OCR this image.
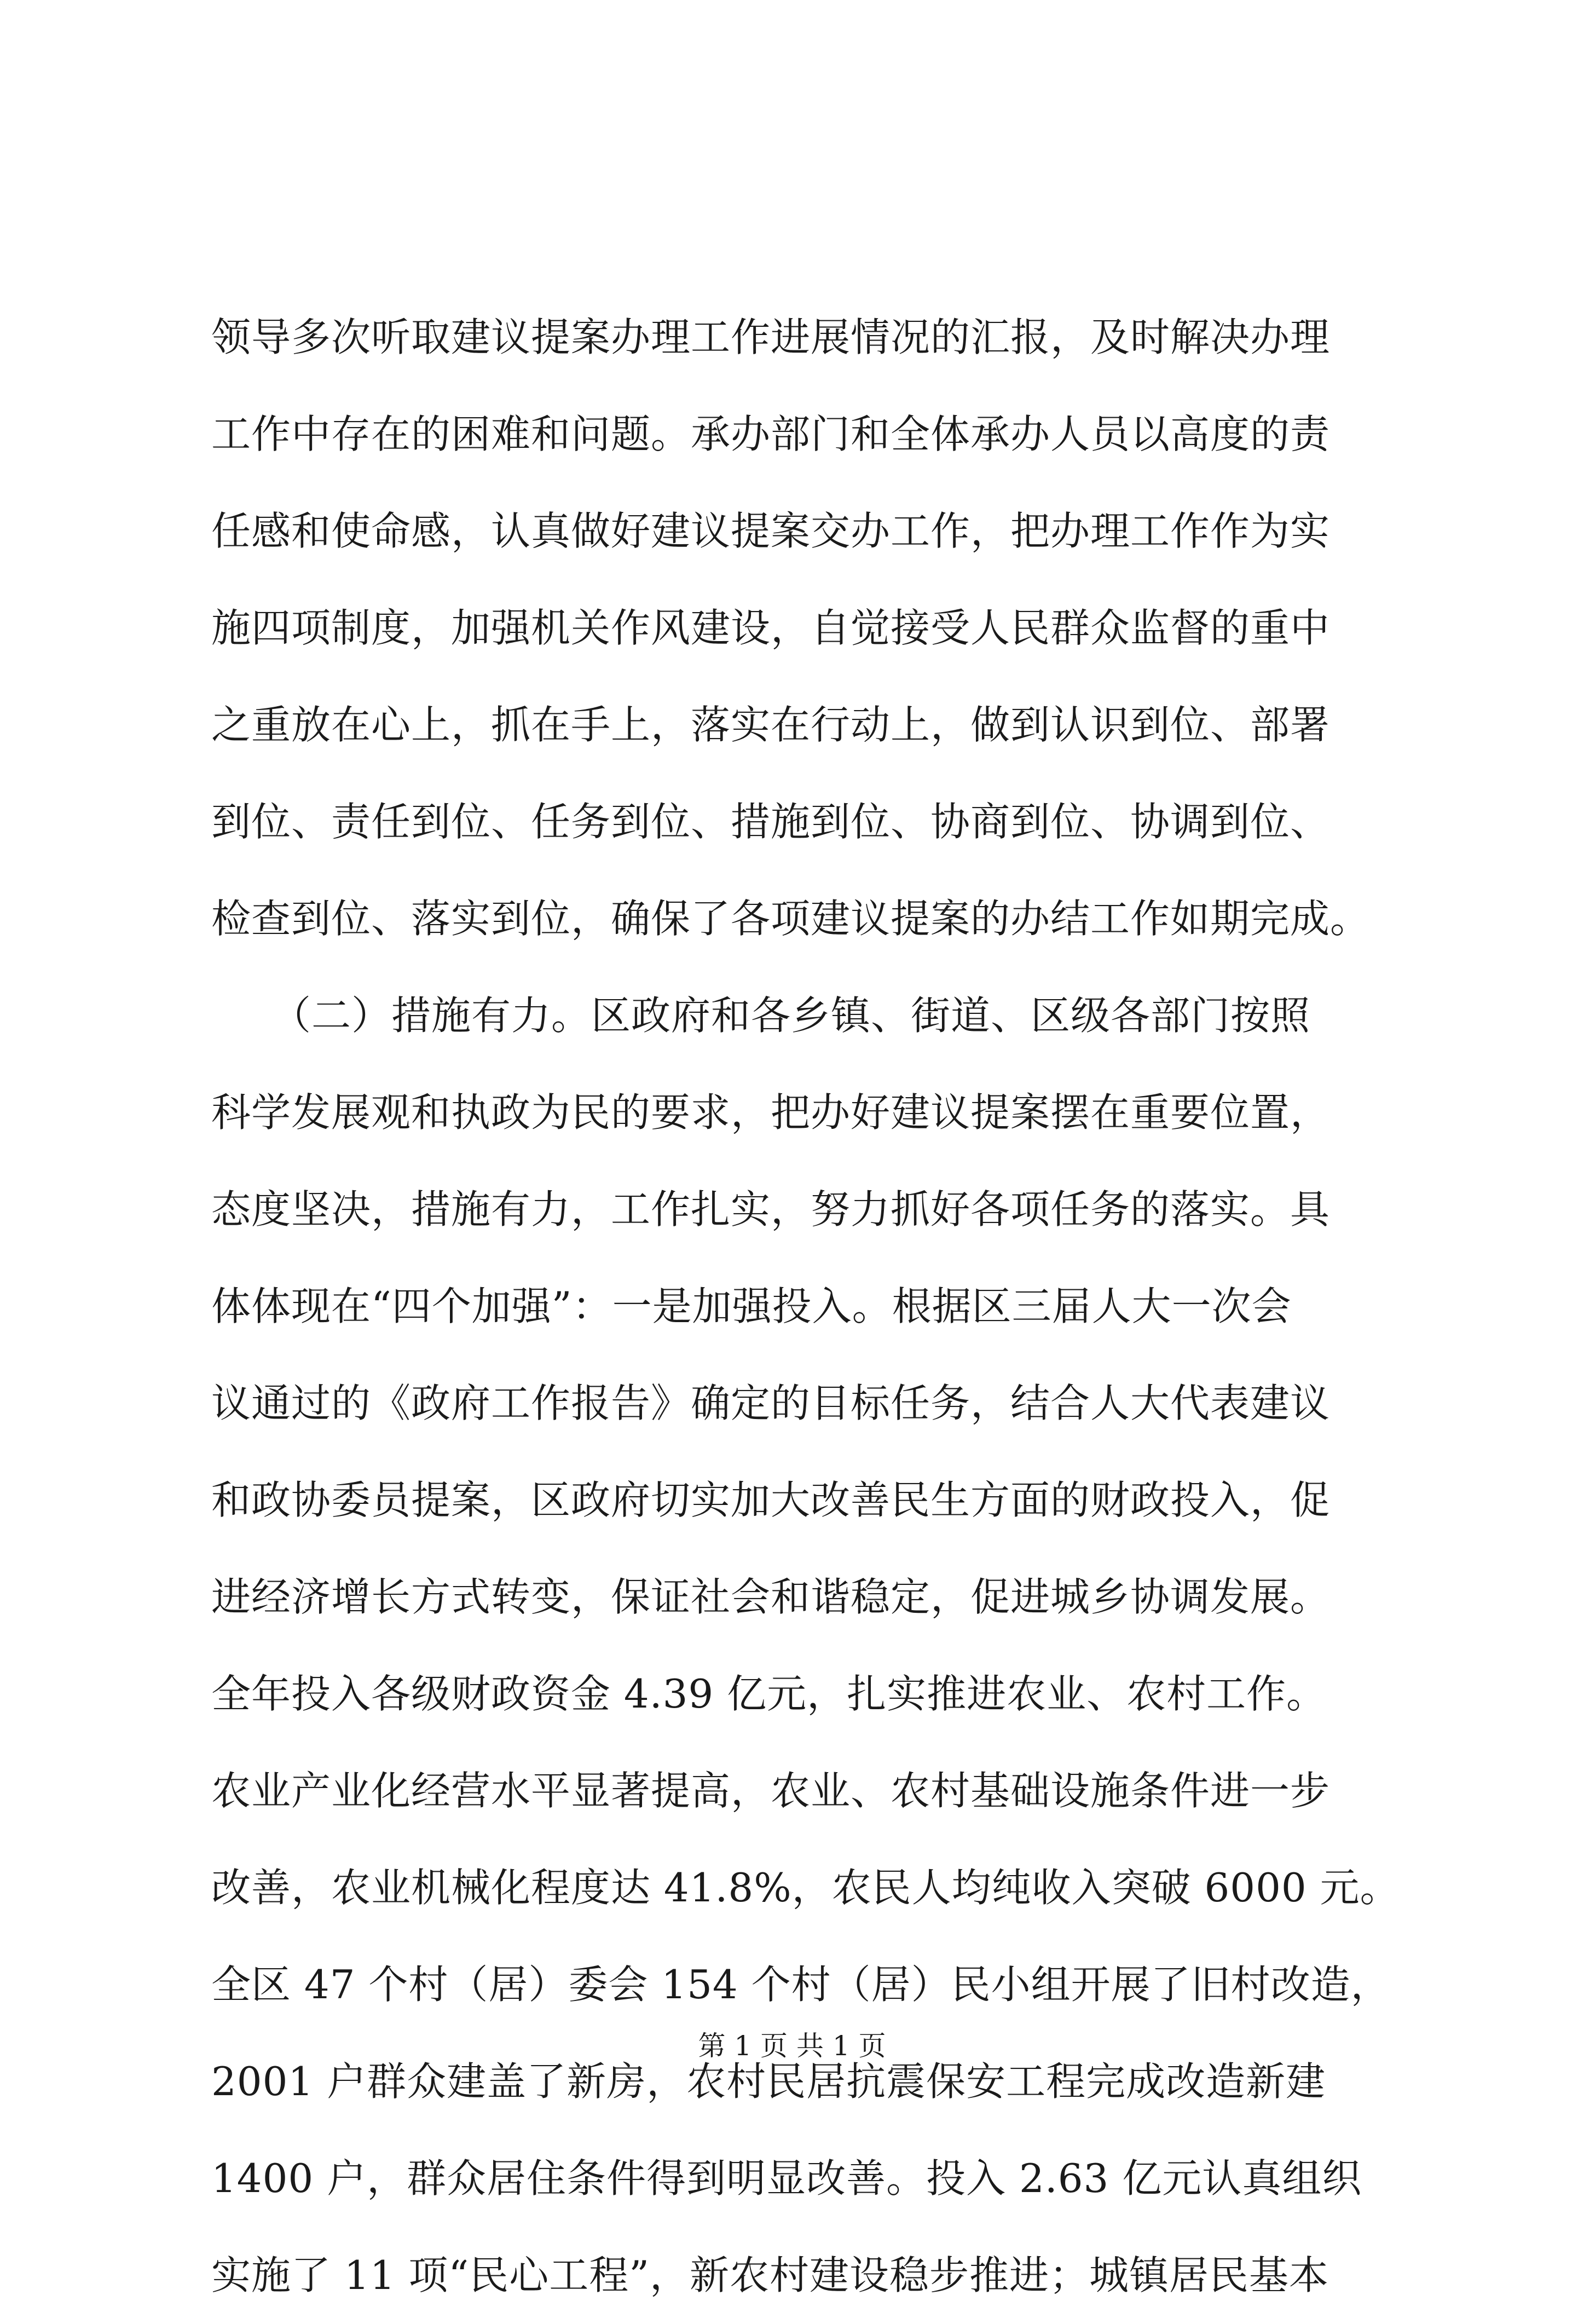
领导多次听取建议提案办理工作进展情况的汇报，及时解决办理
工作中存在的困难和问题。承办部门和全体承办人员以高度的责
任感和使命感，认真做好建议提案交办工作，把办理工作作为实
施四项制度，加强机关作风建设，自觉接受人民群众监督的重中
之重放在心上，抓在手上，落实在行动上，做到认识到位、部署
到位、责任到位、任务到位、措施到位、协商到位、协调到位、
检查到位、落实到位，确保了各项建议提案的办结工作如期完成。
　　（二）措施有力。区政府和各乡镇、街道、区级各部门按照
科学发展观和执政为民的要求，把办好建议提案摆在重要位置，
态度坚决，措施有力，工作扎实，努力抓好各项任务的落实。具
体体现在“四个加强”：一是加强投入。根据区三届人大一次会
议通过的《政府工作报告》确定的目标任务，结合人大代表建议
和政协委员提案，区政府切实加大改善民生方面的财政投入，促
进经济增长方式转变，保证社会和谐稳定，促进城乡协调发展。
全年投入各级财政资金 4.39 亿元，扎实推进农业、农村工作。
农业产业化经营水平显著提高，农业、农村基础设施条件进一步
改善，农业机械化程度达 41.8%，农民人均纯收入突破 6000 元。
全区 47 个村（居）委会 154 个村（居）民小组开展了旧村改造，
2001 户群众建盖了新房，农村民居抗震保安工程完成改造新建
1400 户，群众居住条件得到明显改善。投入 2.63 亿元认真组织
实施了 11 项“民心工程”，新农村建设稳步推进；城镇居民基本
第 1 页 共 1 页
